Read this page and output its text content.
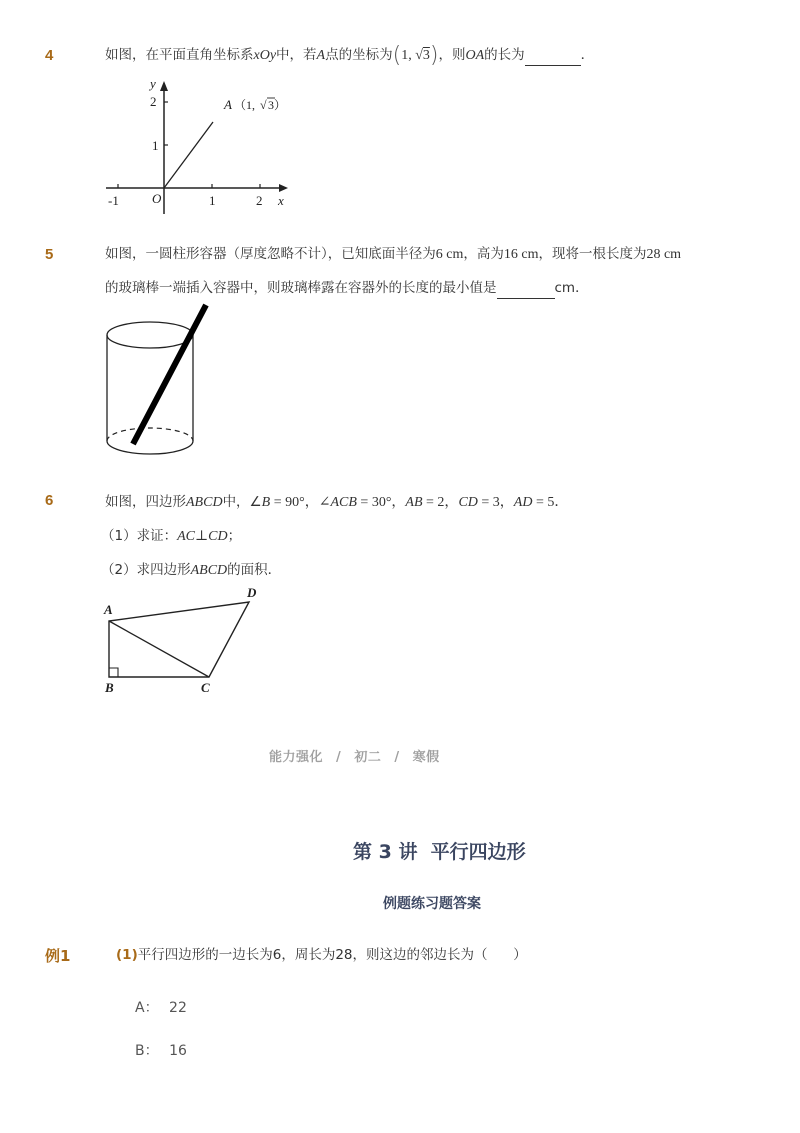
4	如图，在平面直角坐标系xOy中，若A点的坐标为(1, √3)，则OA的长为	．
y
2
1
O
-1	1	2 x
A （1, √ 3 ）
5	如图，一圆柱形容器（厚度忽略不计），已知底面半径为6 cm，高为16 cm，现将一根长度为28 cm
的玻璃棒一端插入容器中，则玻璃棒露在容器外的长度的最小值是	cm．
6	如图，四边形ABCD中，∠B = 90°，∠ACB = 30°，AB = 2，CD = 3，AD = 5．
（1）求证：AC⊥CD；
（2）求四边形ABCD的面积．
A
B	C
D
能力强化 / 初二 / 寒假
第 3 讲  平行四边形
例题练习题答案
例1	(1)平行四边形的一边长为6，周长为28，则这边的邻边长为（      ）
A： 22
B： 16
